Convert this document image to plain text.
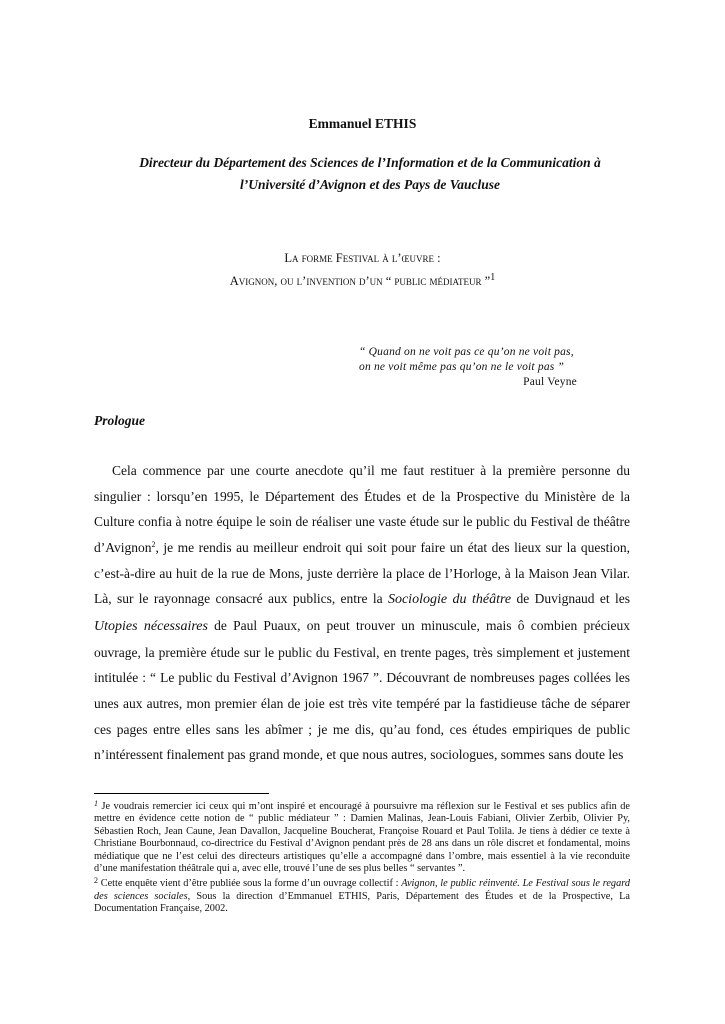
Emmanuel ETHIS
Directeur du Département des Sciences de l’Information et de la Communication à
l’Université d’Avignon et des Pays de Vaucluse
La forme Festival à l’œuvre :
Avignon, ou l’invention d’un “ public médiateur ”$^1$
“ Quand on ne voit pas ce qu’on ne voit pas,
on ne voit même pas qu’on ne le voit pas ”
Paul Veyne
Prologue

Cela commence par une courte anecdote qu’il me faut restituer à la première personne du singulier : lorsqu’en 1995, le Département des Études et de la Prospective du Ministère de la Culture confia à notre équipe le soin de réaliser une vaste étude sur le public du Festival de théâtre d’Avignon$^2$, je me rendis au meilleur endroit qui soit pour faire un état des lieux sur la question, c’est-à-dire au huit de la rue de Mons, juste derrière la place de l’Horloge, à la Maison Jean Vilar. Là, sur le rayonnage consacré aux publics, entre la Sociologie du théâtre de Duvignaud et les Utopies nécessaires de Paul Puaux, on peut trouver un minuscule, mais ô combien précieux ouvrage, la première étude sur le public du Festival, en trente pages, très simplement et justement intitulée : “ Le public du Festival d’Avignon 1967 ”. Découvrant de nombreuses pages collées les unes aux autres, mon premier élan de joie est très vite tempéré par la fastidieuse tâche de séparer ces pages entre elles sans les abîmer ; je me dis, qu’au fond, ces études empiriques de public n’intéressent finalement pas grand monde, et que nous autres, sociologues, sommes sans doute les

$^1$ Je voudrais remercier ici ceux qui m’ont inspiré et encouragé à poursuivre ma réflexion sur le Festival et ses publics afin de mettre en évidence cette notion de “ public médiateur ” : Damien Malinas, Jean-Louis Fabiani, Olivier Zerbib, Olivier Py, Sébastien Roch, Jean Caune, Jean Davallon, Jacqueline Boucherat, Françoise Rouard et Paul Tolila. Je tiens à dédier ce texte à Christiane Bourbonnaud, co-directrice du Festival d’Avignon pendant près de 28 ans dans un rôle discret et fondamental, moins médiatique que ne l’est celui des directeurs artistiques qu’elle a accompagné dans l’ombre, mais essentiel à la vie reconduite d’une manifestation théâtrale qui a, avec elle, trouvé l’une de ses plus belles “ servantes ”.

$^2$ Cette enquête vient d’être publiée sous la forme d’un ouvrage collectif : Avignon, le public réinventé. Le Festival sous le regard des sciences sociales, Sous la direction d’Emmanuel ETHIS, Paris, Département des Études et de la Prospective, La Documentation Française, 2002.
